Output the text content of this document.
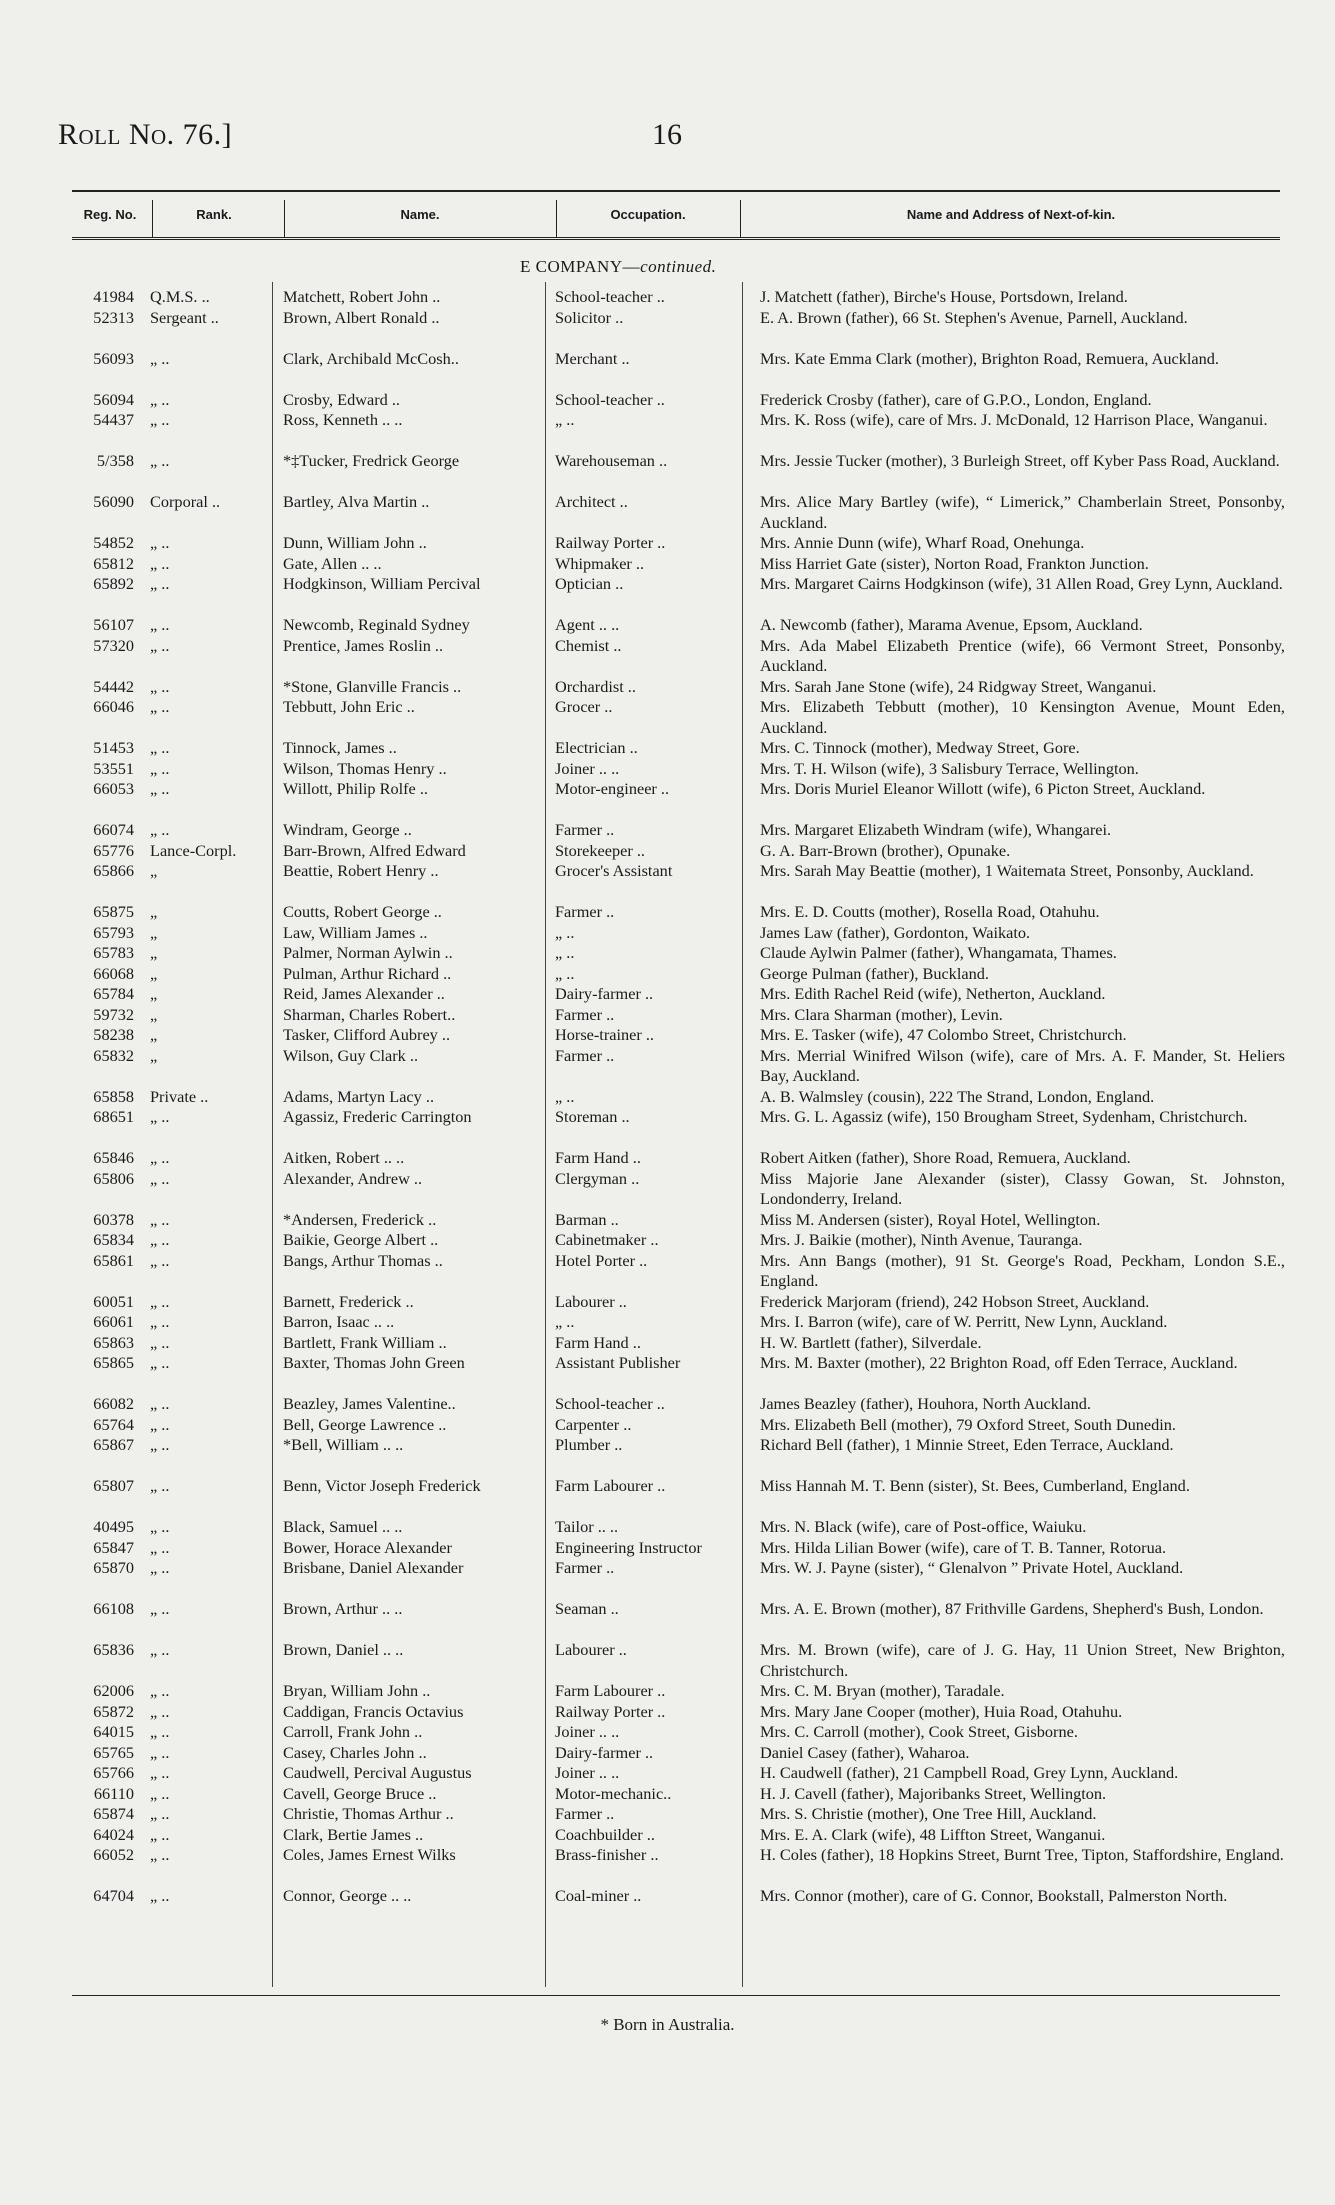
Roll No. 76.]	16
Reg. No.	Rank.	Name.	Occupation.	Name and Address of Next-of-kin.
E COMPANY—continued.
41984 Q.M.S. ..	Matchett, Robert John ..	School-teacher ..	J. Matchett (father), Birche's House, Portsdown, Ireland.
52313 Sergeant ..	Brown, Albert Ronald ..	Solicitor ..	E. A. Brown (father), 66 St. Stephen's Avenue, Parnell, Auckland.
56093 „ ..	Clark, Archibald McCosh..	Merchant ..	Mrs. Kate Emma Clark (mother), Brighton Road, Remuera, Auckland.
56094 „ ..	Crosby, Edward ..	School-teacher ..	Frederick Crosby (father), care of G.P.O., London, England.
54437 „ ..	Ross, Kenneth .. ..	„ ..	Mrs. K. Ross (wife), care of Mrs. J. McDonald, 12 Harrison Place, Wanganui.
5/358 „ ..	*‡Tucker, Fredrick George	Warehouseman ..	Mrs. Jessie Tucker (mother), 3 Burleigh Street, off Kyber Pass Road, Auckland.
56090 Corporal ..	Bartley, Alva Martin ..	Architect ..	Mrs. Alice Mary Bartley (wife), “ Limerick,” Chamberlain Street, Ponsonby, Auckland.
54852 „ ..	Dunn, William John ..	Railway Porter ..	Mrs. Annie Dunn (wife), Wharf Road, Onehunga.
65812 „ ..	Gate, Allen .. ..	Whipmaker ..	Miss Harriet Gate (sister), Norton Road, Frankton Junction.
65892 „ ..	Hodgkinson, William Percival	Optician ..	Mrs. Margaret Cairns Hodgkinson (wife), 31 Allen Road, Grey Lynn, Auckland.
56107 „ ..	Newcomb, Reginald Sydney	Agent .. ..	A. Newcomb (father), Marama Avenue, Epsom, Auckland.
57320 „ ..	Prentice, James Roslin ..	Chemist ..	Mrs. Ada Mabel Elizabeth Prentice (wife), 66 Vermont Street, Ponsonby, Auckland.
54442 „ ..	*Stone, Glanville Francis ..	Orchardist ..	Mrs. Sarah Jane Stone (wife), 24 Ridgway Street, Wanganui.
66046 „ ..	Tebbutt, John Eric ..	Grocer ..	Mrs. Elizabeth Tebbutt (mother), 10 Kensington Avenue, Mount Eden, Auckland.
51453 „ ..	Tinnock, James ..	Electrician ..	Mrs. C. Tinnock (mother), Medway Street, Gore.
53551 „ ..	Wilson, Thomas Henry ..	Joiner .. ..	Mrs. T. H. Wilson (wife), 3 Salisbury Terrace, Wellington.
66053 „ ..	Willott, Philip Rolfe ..	Motor-engineer ..	Mrs. Doris Muriel Eleanor Willott (wife), 6 Picton Street, Auckland.
66074 „ ..	Windram, George ..	Farmer ..	Mrs. Margaret Elizabeth Windram (wife), Whangarei.
65776 Lance-Corpl.	Barr-Brown, Alfred Edward	Storekeeper ..	G. A. Barr-Brown (brother), Opunake.
65866 „	Beattie, Robert Henry ..	Grocer's Assistant	Mrs. Sarah May Beattie (mother), 1 Waitemata Street, Ponsonby, Auckland.
65875 „	Coutts, Robert George ..	Farmer ..	Mrs. E. D. Coutts (mother), Rosella Road, Otahuhu.
65793 „	Law, William James ..	„ ..	James Law (father), Gordonton, Waikato.
65783 „	Palmer, Norman Aylwin ..	„ ..	Claude Aylwin Palmer (father), Whangamata, Thames.
66068 „	Pulman, Arthur Richard ..	„ ..	George Pulman (father), Buckland.
65784 „	Reid, James Alexander ..	Dairy-farmer ..	Mrs. Edith Rachel Reid (wife), Netherton, Auckland.
59732 „	Sharman, Charles Robert..	Farmer ..	Mrs. Clara Sharman (mother), Levin.
58238 „	Tasker, Clifford Aubrey ..	Horse-trainer ..	Mrs. E. Tasker (wife), 47 Colombo Street, Christchurch.
65832 „	Wilson, Guy Clark ..	Farmer ..	Mrs. Merrial Winifred Wilson (wife), care of Mrs. A. F. Mander, St. Heliers Bay, Auckland.
65858 Private ..	Adams, Martyn Lacy ..	„ ..	A. B. Walmsley (cousin), 222 The Strand, London, England.
68651 „ ..	Agassiz, Frederic Carrington	Storeman ..	Mrs. G. L. Agassiz (wife), 150 Brougham Street, Sydenham, Christchurch.
65846 „ ..	Aitken, Robert .. ..	Farm Hand ..	Robert Aitken (father), Shore Road, Remuera, Auckland.
65806 „ ..	Alexander, Andrew ..	Clergyman ..	Miss Majorie Jane Alexander (sister), Classy Gowan, St. Johnston, Londonderry, Ireland.
60378 „ ..	*Andersen, Frederick ..	Barman ..	Miss M. Andersen (sister), Royal Hotel, Wellington.
65834 „ ..	Baikie, George Albert ..	Cabinetmaker ..	Mrs. J. Baikie (mother), Ninth Avenue, Tauranga.
65861 „ ..	Bangs, Arthur Thomas ..	Hotel Porter ..	Mrs. Ann Bangs (mother), 91 St. George's Road, Peckham, London S.E., England.
60051 „ ..	Barnett, Frederick ..	Labourer ..	Frederick Marjoram (friend), 242 Hobson Street, Auckland.
66061 „ ..	Barron, Isaac .. ..	„ ..	Mrs. I. Barron (wife), care of W. Perritt, New Lynn, Auckland.
65863 „ ..	Bartlett, Frank William ..	Farm Hand ..	H. W. Bartlett (father), Silverdale.
65865 „ ..	Baxter, Thomas John Green	Assistant Publisher	Mrs. M. Baxter (mother), 22 Brighton Road, off Eden Terrace, Auckland.
66082 „ ..	Beazley, James Valentine..	School-teacher ..	James Beazley (father), Houhora, North Auckland.
65764 „ ..	Bell, George Lawrence ..	Carpenter ..	Mrs. Elizabeth Bell (mother), 79 Oxford Street, South Dunedin.
65867 „ ..	*Bell, William .. ..	Plumber ..	Richard Bell (father), 1 Minnie Street, Eden Terrace, Auckland.
65807 „ ..	Benn, Victor Joseph Frederick	Farm Labourer ..	Miss Hannah M. T. Benn (sister), St. Bees, Cumberland, England.
40495 „ ..	Black, Samuel .. ..	Tailor .. ..	Mrs. N. Black (wife), care of Post-office, Waiuku.
65847 „ ..	Bower, Horace Alexander	Engineering Instructor	Mrs. Hilda Lilian Bower (wife), care of T. B. Tanner, Rotorua.
65870 „ ..	Brisbane, Daniel Alexander	Farmer ..	Mrs. W. J. Payne (sister), “ Glenalvon ” Private Hotel, Auckland.
66108 „ ..	Brown, Arthur .. ..	Seaman ..	Mrs. A. E. Brown (mother), 87 Frithville Gardens, Shepherd's Bush, London.
65836 „ ..	Brown, Daniel .. ..	Labourer ..	Mrs. M. Brown (wife), care of J. G. Hay, 11 Union Street, New Brighton, Christchurch.
62006 „ ..	Bryan, William John ..	Farm Labourer ..	Mrs. C. M. Bryan (mother), Taradale.
65872 „ ..	Caddigan, Francis Octavius	Railway Porter ..	Mrs. Mary Jane Cooper (mother), Huia Road, Otahuhu.
64015 „ ..	Carroll, Frank John ..	Joiner .. ..	Mrs. C. Carroll (mother), Cook Street, Gisborne.
65765 „ ..	Casey, Charles John ..	Dairy-farmer ..	Daniel Casey (father), Waharoa.
65766 „ ..	Caudwell, Percival Augustus	Joiner .. ..	H. Caudwell (father), 21 Campbell Road, Grey Lynn, Auckland.
66110 „ ..	Cavell, George Bruce ..	Motor-mechanic..	H. J. Cavell (father), Majoribanks Street, Wellington.
65874 „ ..	Christie, Thomas Arthur ..	Farmer ..	Mrs. S. Christie (mother), One Tree Hill, Auckland.
64024 „ ..	Clark, Bertie James ..	Coachbuilder ..	Mrs. E. A. Clark (wife), 48 Liffton Street, Wanganui.
66052 „ ..	Coles, James Ernest Wilks	Brass-finisher ..	H. Coles (father), 18 Hopkins Street, Burnt Tree, Tipton, Staffordshire, England.
64704 „ ..	Connor, George .. ..	Coal-miner ..	Mrs. Connor (mother), care of G. Connor, Bookstall, Palmerston North.
* Born in Australia.
